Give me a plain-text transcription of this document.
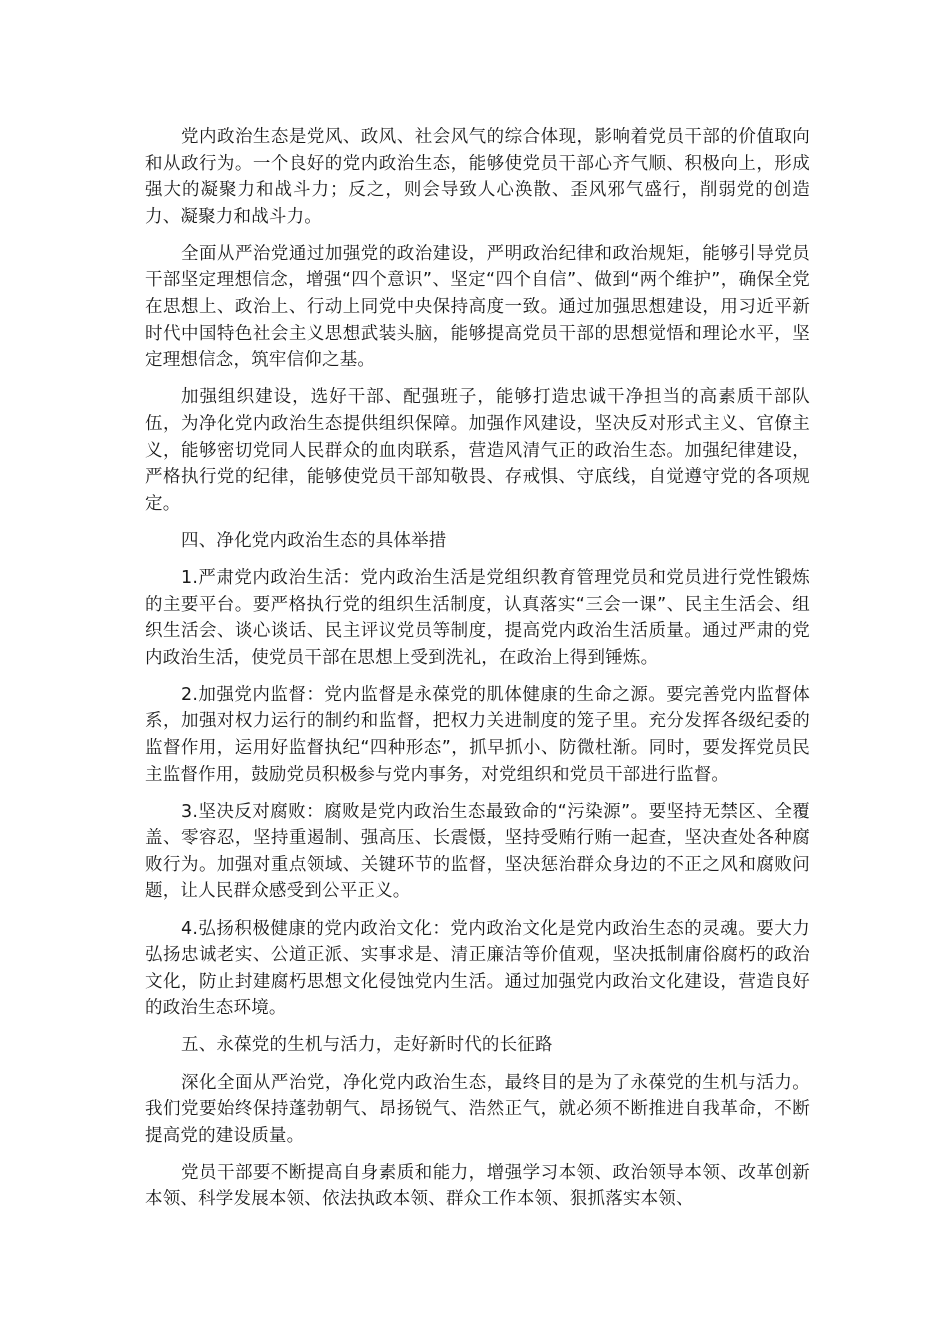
党内政治生态是党风、政风、社会风气的综合体现，影响着党员干部的价值取向和从政行为。一个良好的党内政治生态，能够使党员干部心齐气顺、积极向上，形成强大的凝聚力和战斗力；反之，则会导致人心涣散、歪风邪气盛行，削弱党的创造力、凝聚力和战斗力。

全面从严治党通过加强党的政治建设，严明政治纪律和政治规矩，能够引导党员干部坚定理想信念，增强“四个意识”、坚定“四个自信”、做到“两个维护”，确保全党在思想上、政治上、行动上同党中央保持高度一致。通过加强思想建设，用习近平新时代中国特色社会主义思想武装头脑，能够提高党员干部的思想觉悟和理论水平，坚定理想信念，筑牢信仰之基。

加强组织建设，选好干部、配强班子，能够打造忠诚干净担当的高素质干部队伍，为净化党内政治生态提供组织保障。加强作风建设，坚决反对形式主义、官僚主义，能够密切党同人民群众的血肉联系，营造风清气正的政治生态。加强纪律建设，严格执行党的纪律，能够使党员干部知敬畏、存戒惧、守底线，自觉遵守党的各项规定。

四、净化党内政治生态的具体举措

1.严肃党内政治生活：党内政治生活是党组织教育管理党员和党员进行党性锻炼的主要平台。要严格执行党的组织生活制度，认真落实“三会一课”、民主生活会、组织生活会、谈心谈话、民主评议党员等制度，提高党内政治生活质量。通过严肃的党内政治生活，使党员干部在思想上受到洗礼，在政治上得到锤炼。

2.加强党内监督：党内监督是永葆党的肌体健康的生命之源。要完善党内监督体系，加强对权力运行的制约和监督，把权力关进制度的笼子里。充分发挥各级纪委的监督作用，运用好监督执纪“四种形态”，抓早抓小、防微杜渐。同时，要发挥党员民主监督作用，鼓励党员积极参与党内事务，对党组织和党员干部进行监督。

3.坚决反对腐败：腐败是党内政治生态最致命的“污染源”。要坚持无禁区、全覆盖、零容忍，坚持重遏制、强高压、长震慑，坚持受贿行贿一起查，坚决查处各种腐败行为。加强对重点领域、关键环节的监督，坚决惩治群众身边的不正之风和腐败问题，让人民群众感受到公平正义。

4.弘扬积极健康的党内政治文化：党内政治文化是党内政治生态的灵魂。要大力弘扬忠诚老实、公道正派、实事求是、清正廉洁等价值观，坚决抵制庸俗腐朽的政治文化，防止封建腐朽思想文化侵蚀党内生活。通过加强党内政治文化建设，营造良好的政治生态环境。

五、永葆党的生机与活力，走好新时代的长征路

深化全面从严治党，净化党内政治生态，最终目的是为了永葆党的生机与活力。我们党要始终保持蓬勃朝气、昂扬锐气、浩然正气，就必须不断推进自我革命，不断提高党的建设质量。

党员干部要不断提高自身素质和能力，增强学习本领、政治领导本领、改革创新本领、科学发展本领、依法执政本领、群众工作本领、狠抓落实本领、
